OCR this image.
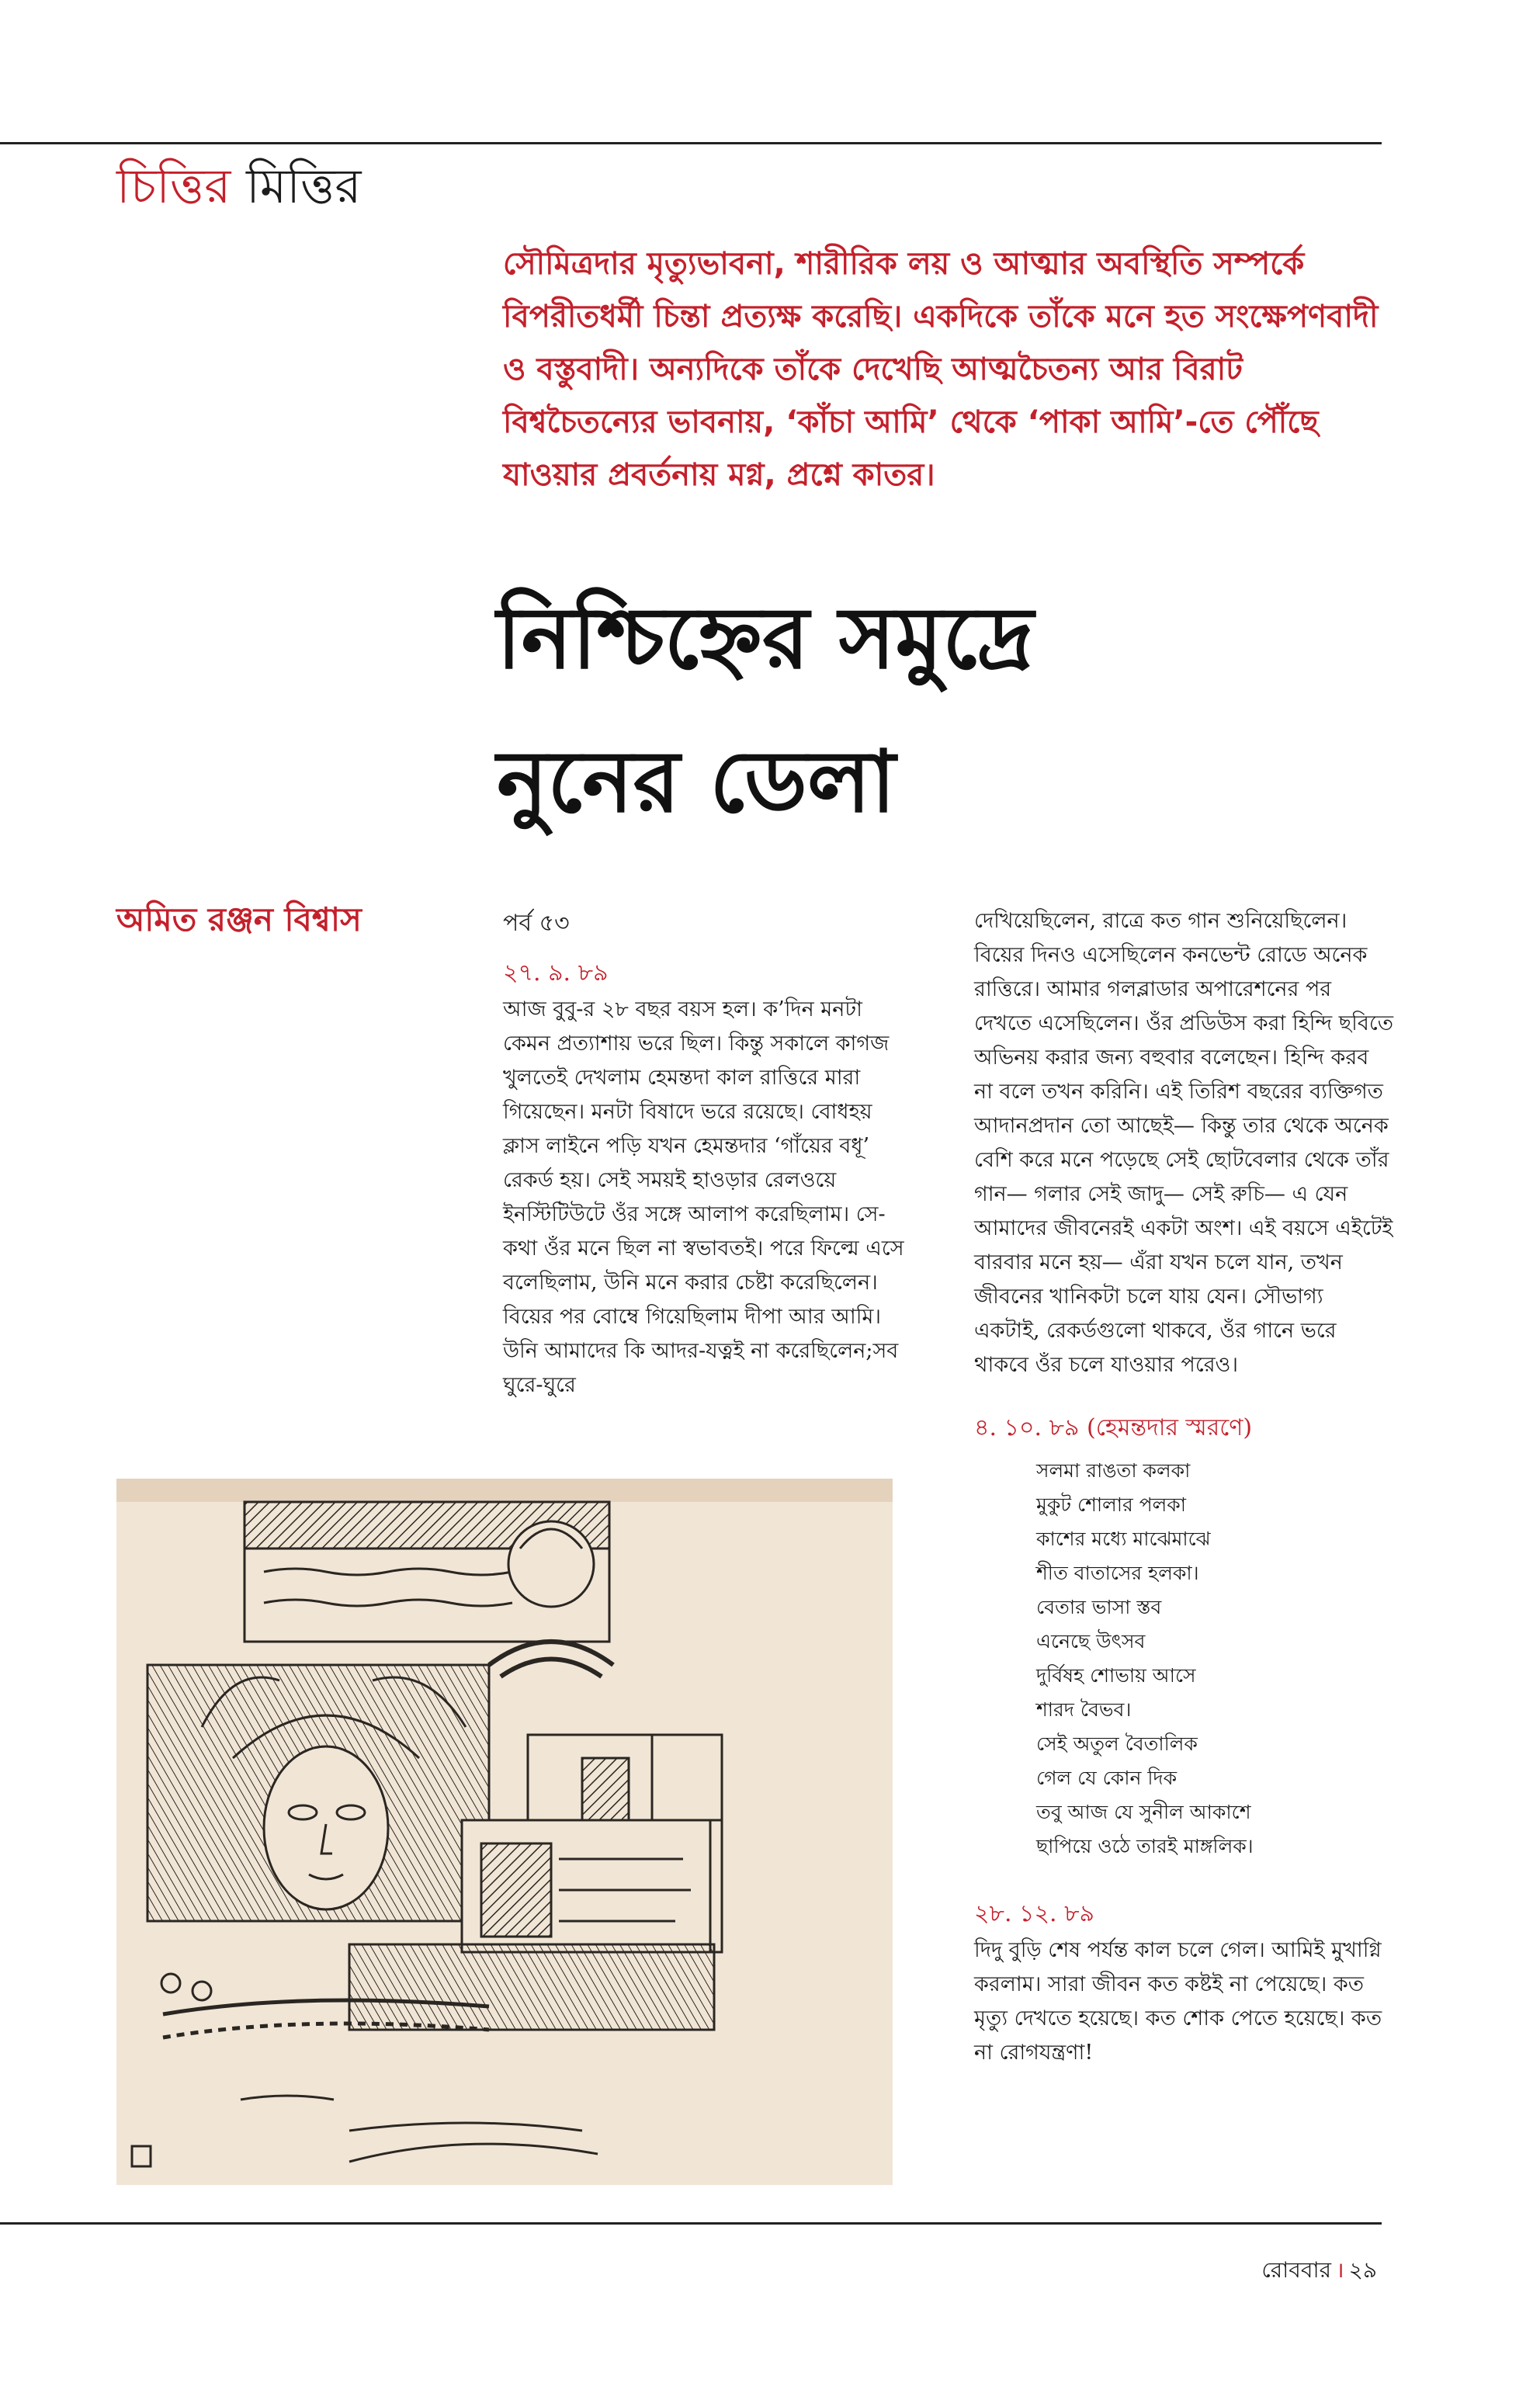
চিত্তির মিত্তির
সৌমিত্রদার মৃত্যুভাবনা, শারীরিক লয় ও আত্মার অবস্থিতি সম্পর্কে বিপরীতধর্মী চিন্তা প্রত্যক্ষ করেছি। একদিকে তাঁকে মনে হত সংক্ষেপণবাদী ও বস্তুবাদী। অন্যদিকে তাঁকে দেখেছি আত্মচৈতন্য আর বিরাট বিশ্বচৈতন্যের ভাবনায়, ‘কাঁচা আমি’ থেকে ‘পাকা আমি’-তে পৌঁছে যাওয়ার প্রবর্তনায় মগ্ন, প্রশ্নে কাতর।
নিশ্চিহ্নের সমুদ্রে
নুনের ডেলা
অমিত রঞ্জন বিশ্বাস	পর্ব ৫৩
২৭. ৯. ৮৯

আজ বুবু-র ২৮ বছর বয়স হল। ক’দিন মনটা কেমন প্রত্যাশায় ভরে ছিল। কিন্তু সকালে কাগজ খুলতেই দেখলাম হেমন্তদা কাল রাত্তিরে মারা গিয়েছেন। মনটা বিষাদে ভরে রয়েছে। বোধহয় ক্লাস লাইনে পড়ি যখন হেমন্তদার ‘গাঁয়ের বধূ’ রেকর্ড হয়। সেই সময়ই হাওড়ার রেলওয়ে ইনস্টিটিউটে ওঁর সঙ্গে আলাপ করেছিলাম। সে-কথা ওঁর মনে ছিল না স্বভাবতই। পরে ফিল্মে এসে বলেছিলাম, উনি মনে করার চেষ্টা করেছিলেন। বিয়ের পর বোম্বে গিয়েছিলাম দীপা আর আমি। উনি আমাদের কি আদর-যত্নই না করেছিলেন;সব ঘুরে-ঘুরে

দেখিয়েছিলেন, রাত্রে কত গান শুনিয়েছিলেন। বিয়ের দিনও এসেছিলেন কনভেন্ট রোডে অনেক রাত্তিরে। আমার গলব্লাডার অপারেশনের পর দেখতে এসেছিলেন। ওঁর প্রডিউস করা হিন্দি ছবিতে অভিনয় করার জন্য বহুবার বলেছেন। হিন্দি করব না বলে তখন করিনি। এই তিরিশ বছরের ব্যক্তিগত আদানপ্রদান তো আছেই— কিন্তু তার থেকে অনেক বেশি করে মনে পড়েছে সেই ছোটবেলার থেকে তাঁর গান— গলার সেই জাদু— সেই রুচি— এ যেন আমাদের জীবনেরই একটা অংশ। এই বয়সে এইটেই বারবার মনে হয়— এঁরা যখন চলে যান, তখন জীবনের খানিকটা চলে যায় যেন। সৌভাগ্য একটাই, রেকর্ডগুলো থাকবে, ওঁর গানে ভরে থাকবে ওঁর চলে যাওয়ার পরেও।

৪. ১০. ৮৯ (হেমন্তদার স্মরণে)
সলমা রাঙতা কলকা
মুকুট শোলার পলকা
কাশের মধ্যে মাঝেমাঝে
শীত বাতাসের হলকা।
বেতার ভাসা স্তব
এনেছে উৎসব
দুর্বিষহ শোভায় আসে
শারদ বৈভব।
সেই অতুল বৈতালিক
গেল যে কোন দিক
তবু আজ যে সুনীল আকাশে
ছাপিয়ে ওঠে তারই মাঙ্গলিক।
২৮. ১২. ৮৯

দিদু বুড়ি শেষ পর্যন্ত কাল চলে গেল। আমিই মুখাগ্নি করলাম। সারা জীবন কত কষ্টই না পেয়েছে। কত মৃত্যু দেখতে হয়েছে। কত শোক পেতে হয়েছে। কত না রোগযন্ত্রণা!

রোববার । ২৯
